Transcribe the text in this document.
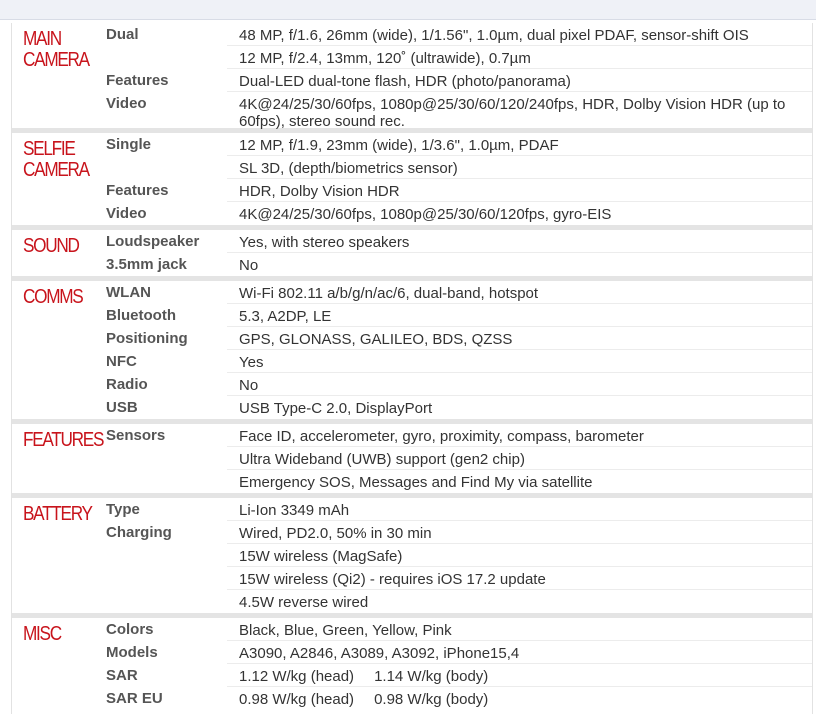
MAIN
CAMERA
Dual	48 MP, f/1.6, 26mm (wide), 1/1.56", 1.0µm, dual pixel PDAF, sensor-shift OIS
12 MP, f/2.4, 13mm, 120˚ (ultrawide), 0.7µm
Features	Dual-LED dual-tone flash, HDR (photo/panorama)
Video	4K@24/25/30/60fps, 1080p@25/30/60/120/240fps, HDR, Dolby Vision HDR (up to 60fps), stereo sound rec.
SELFIE
CAMERA
Single	12 MP, f/1.9, 23mm (wide), 1/3.6", 1.0µm, PDAF
SL 3D, (depth/biometrics sensor)
Features	HDR, Dolby Vision HDR
Video	4K@24/25/30/60fps, 1080p@25/30/60/120fps, gyro-EIS
SOUND	Loudspeaker	Yes, with stereo speakers
3.5mm jack	No
COMMS	WLAN	Wi-Fi 802.11 a/b/g/n/ac/6, dual-band, hotspot
Bluetooth	5.3, A2DP, LE
Positioning	GPS, GLONASS, GALILEO, BDS, QZSS
NFC	Yes
Radio	No
USB	USB Type-C 2.0, DisplayPort
FEATURES Sensors	Face ID, accelerometer, gyro, proximity, compass, barometer
Ultra Wideband (UWB) support (gen2 chip)
Emergency SOS, Messages and Find My via satellite
BATTERY Type	Li-Ion 3349 mAh
Charging	Wired, PD2.0, 50% in 30 min
15W wireless (MagSafe)
15W wireless (Qi2) - requires iOS 17.2 update
4.5W reverse wired
MISC	Colors	Black, Blue, Green, Yellow, Pink
Models	A3090, A2846, A3089, A3092, iPhone15,4
SAR	1.12 W/kg (head) 1.14 W/kg (body)
SAR EU	0.98 W/kg (head) 0.98 W/kg (body)
